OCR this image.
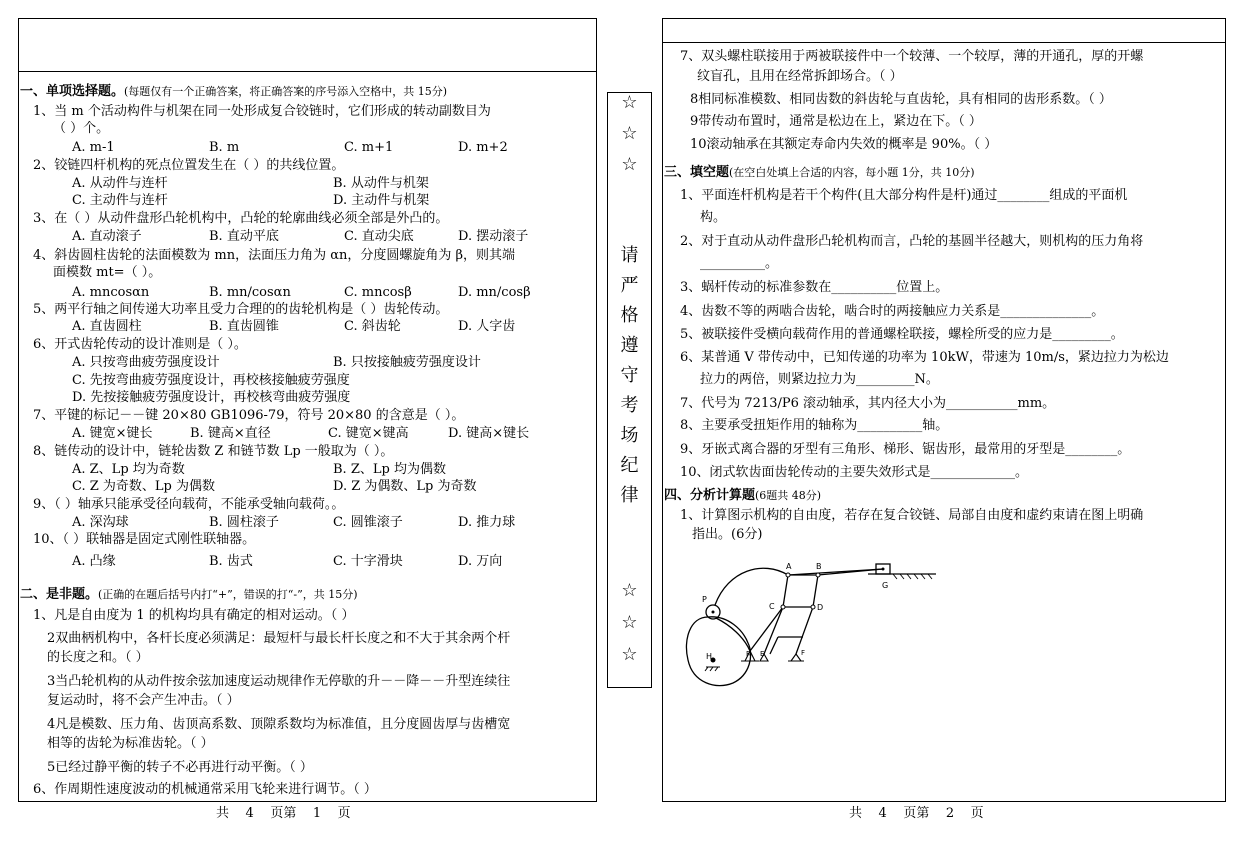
一、单项选择题。(每题仅有一个正确答案，将正确答案的序号添入空格中，共 15分)
1、当 m 个活动构件与机架在同一处形成复合铰链时，它们形成的转动副数目为
（ ）个。
A. m-1	B. m	C. m+1	D. m+2
2、铰链四杆机构的死点位置发生在（ ）的共线位置。
A. 从动件与连杆	B. 从动件与机架
C. 主动件与连杆	D. 主动件与机架
3、在（ ）从动件盘形凸轮机构中，凸轮的轮廓曲线必须全部是外凸的。
A. 直动滚子	B. 直动平底	C. 直动尖底	D. 摆动滚子
4、斜齿圆柱齿轮的法面模数为 mn，法面压力角为 αn，分度圆螺旋角为 β，则其端
面模数 mt=（ ）。
A. mncosαn	B. mn/cosαn	C. mncosβ	D. mn/cosβ
5、两平行轴之间传递大功率且受力合理的的齿轮机构是（ ）齿轮传动。
A. 直齿圆柱	B. 直齿圆锥	C. 斜齿轮	D. 人字齿
6、开式齿轮传动的设计准则是（ ）。
A. 只按弯曲疲劳强度设计	B. 只按接触疲劳强度设计
C. 先按弯曲疲劳强度设计，再校核接触疲劳强度
D. 先按接触疲劳强度设计，再校核弯曲疲劳强度
7、平键的标记－－键 20×80 GB1096-79，符号 20×80 的含意是（ ）。
A. 键宽×键长	B. 键高×直径	C. 键宽×键高	D. 键高×键长
8、链传动的设计中，链轮齿数 Z 和链节数 Lp 一般取为（ ）。
A. Z、Lp 均为奇数	B. Z、Lp 均为偶数
C. Z 为奇数、Lp 为偶数	D. Z 为偶数、Lp 为奇数
9、（ ）轴承只能承受径向载荷，不能承受轴向载荷。。
A. 深沟球	B. 圆柱滚子	C. 圆锥滚子	D. 推力球
10、（ ）联轴器是固定式刚性联轴器。
A. 凸缘	B. 齿式	C. 十字滑块	D. 万向
二、是非题。(正确的在题后括号内打“+”，错误的打“-”，共 15分)
1、凡是自由度为 1 的机构均具有确定的相对运动。（ ）
2双曲柄机构中，各杆长度必须满足：最短杆与最长杆长度之和不大于其余两个杆
的长度之和。（ ）
3当凸轮机构的从动件按余弦加速度运动规律作无停歇的升－－降－－升型连续往
复运动时，将不会产生冲击。（ ）
4凡是模数、压力角、齿顶高系数、顶隙系数均为标准值，且分度圆齿厚与齿槽宽
相等的齿轮为标准齿轮。（ ）
5已经过静平衡的转子不必再进行动平衡。（ ）
6、作周期性速度波动的机械通常采用飞轮来进行调节。（ ）
共    4    页第    1    页
☆
☆
☆
请
严
格
遵
守
考
场
纪
律
☆
☆
☆
7、双头螺柱联接用于两被联接件中一个较薄、一个较厚，薄的开通孔，厚的开螺
纹盲孔，且用在经常拆卸场合。（ ）
8相同标准模数、相同齿数的斜齿轮与直齿轮，具有相同的齿形系数。（ ）
9带传动布置时，通常是松边在上，紧边在下。（ ）
10滚动轴承在其额定寿命内失效的概率是 90%。（ ）
三、填空题(在空白处填上合适的内容，每小题 1分，共 10分)
1、平面连杆机构是若干个构件(且大部分构件是杆)通过________组成的平面机
构。
2、对于直动从动件盘形凸轮机构而言，凸轮的基圆半径越大，则机构的压力角将
__________。
3、蜗杆传动的标准参数在__________位置上。
4、齿数不等的两啮合齿轮，啮合时的两接触应力关系是______________。
5、被联接件受横向载荷作用的普通螺栓联接，螺栓所受的应力是_________。
6、某普通 V 带传动中，已知传递的功率为 10kW，带速为 10m/s，紧边拉力为松边
拉力的两倍，则紧边拉力为_________N。
7、代号为 7213/P6 滚动轴承，其内径大小为___________mm。
8、主要承受扭矩作用的轴称为__________轴。
9、牙嵌式离合器的牙型有三角形、梯形、锯齿形，最常用的牙型是________。
10、闭式软齿面齿轮传动的主要失效形式是_____________。
四、分析计算题(6题共 48分)
1、计算图示机构的自由度，若存在复合铰链、局部自由度和虚约束请在图上明确
指出。(6分)
P
A	B
G
C	D
H	R E	F
共    4    页第    2    页
